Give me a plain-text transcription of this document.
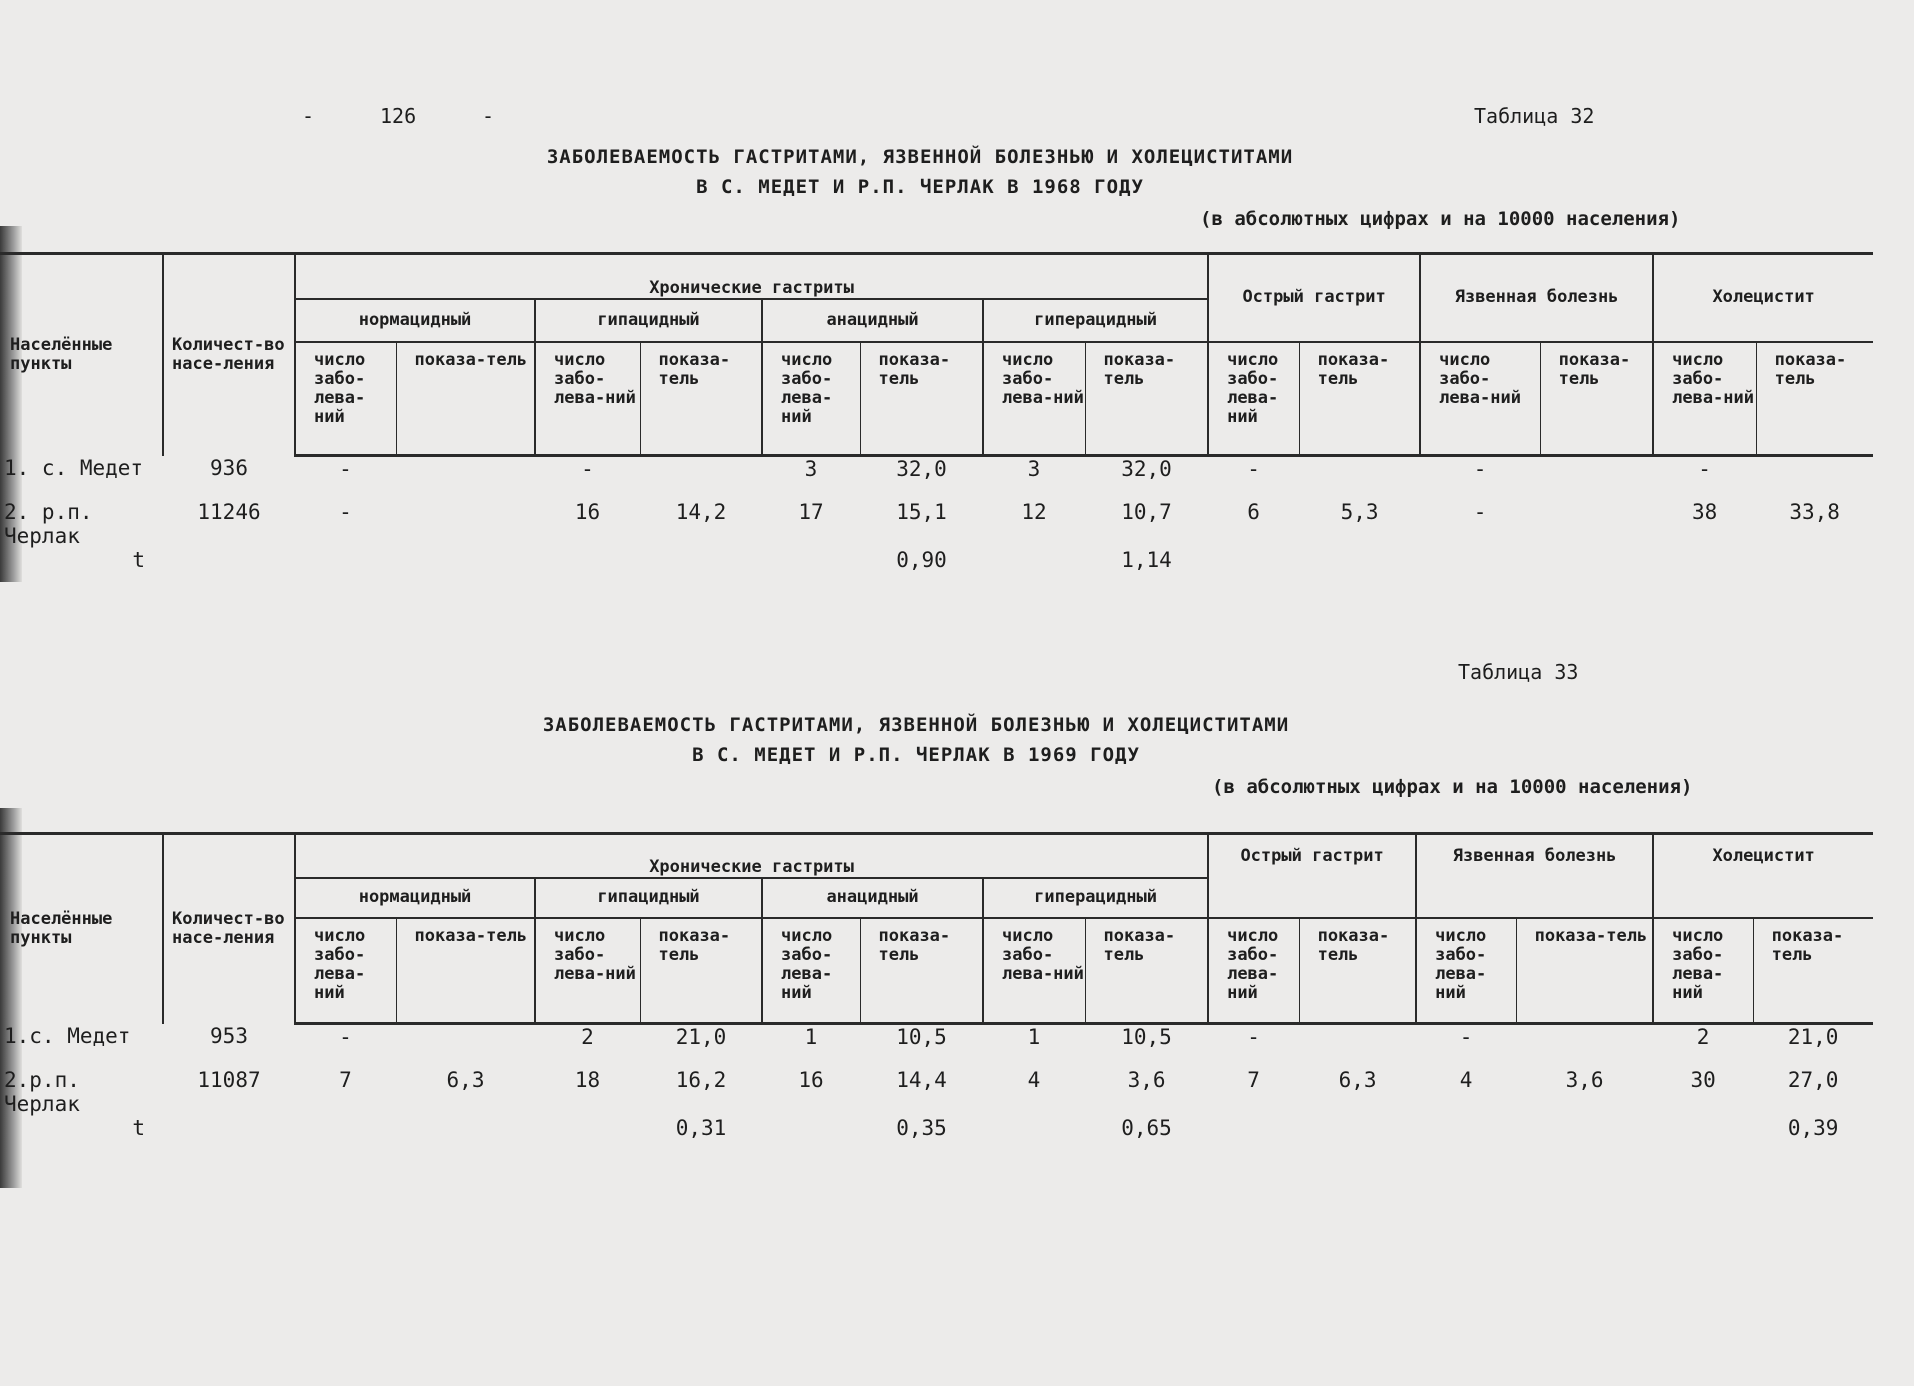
-	126	-	Таблица 32
ЗАБОЛЕВАЕМОСТЬ ГАСТРИТАМИ, ЯЗВЕННОЙ БОЛЕЗНЬЮ И ХОЛЕЦИСТИТАМИ
В С. МЕДЕТ И Р.П. ЧЕРЛАК В 1968 ГОДУ
(в абсолютных цифрах и на 10000 населения)
Населённые пункты	Количест-во насе-ления	Хронические гастриты								Острый гастрит		Язвенная болезнь		Холецистит	
		нормацидный		гипацидный		анацидный		гиперацидный							
		число забо-лева-ний	показа-тель	число забо-лева-ний	показа-тель	число забо-лева-ний	показа-тель	число забо-лева-ний	показа-тель	число забо-лева-ний	показа-тель	число забо-лева-ний	показа-тель	число забо-лева-ний	показа-тель
1. с. Медет	936	-		-		3	32,0	3	32,0	-		-		-	
2. р.п. Черлак	11246	-		16	14,2	17	15,1	12	10,7	6	5,3	-		38	33,8
t							0,90		1,14						
Таблица 33
ЗАБОЛЕВАЕМОСТЬ ГАСТРИТАМИ, ЯЗВЕННОЙ БОЛЕЗНЬЮ И ХОЛЕЦИСТИТАМИ
В С. МЕДЕТ И Р.П. ЧЕРЛАК В 1969 ГОДУ
(в абсолютных цифрах и на 10000 населения)
Населённые пункты	Количест-во насе-ления	Хронические гастриты								Острый гастрит		Язвенная болезнь		Холецистит	
		нормацидный		гипацидный		анацидный		гиперацидный							
		число забо-лева-ний	показа-тель	число забо-лева-ний	показа-тель	число забо-лева-ний	показа-тель	число забо-лева-ний	показа-тель	число забо-лева-ний	показа-тель	число забо-лева-ний	показа-тель	число забо-лева-ний	показа-тель
1.с. Медет	953	-		2	21,0	1	10,5	1	10,5	-		-		2	21,0
2.р.п. Черлак	11087	7	6,3	18	16,2	16	14,4	4	3,6	7	6,3	4	3,6	30	27,0
t					0,31		0,35		0,65						0,39
